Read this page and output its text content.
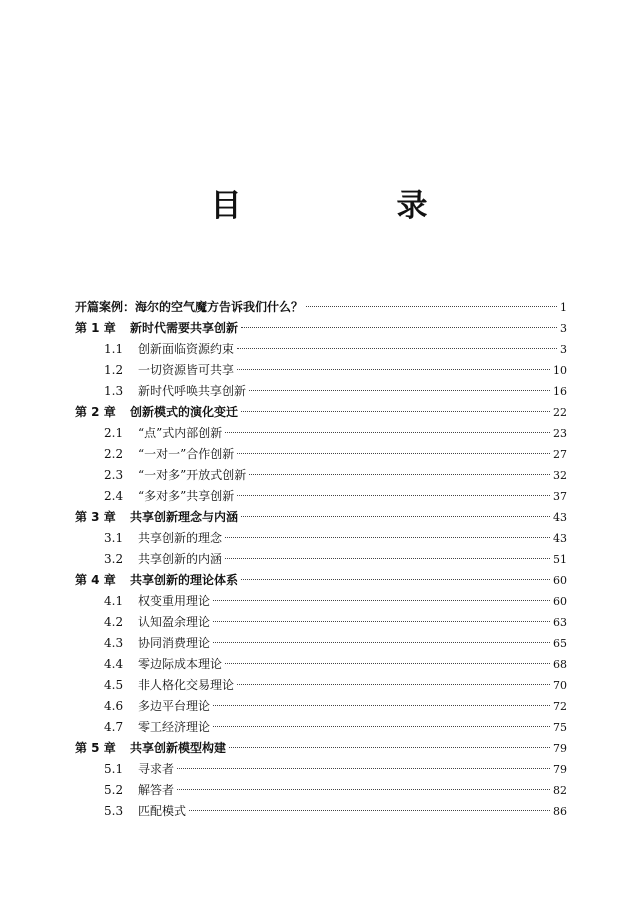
目　录
开篇案例：海尔的空气魔方告诉我们什么？	1
第 1 章	新时代需要共享创新	3
1.1	创新面临资源约束	3
1.2	一切资源皆可共享	10
1.3	新时代呼唤共享创新	16
第 2 章	创新模式的演化变迁	22
2.1	“点”式内部创新	23
2.2	“一对一”合作创新	27
2.3	“一对多”开放式创新	32
2.4	“多对多”共享创新	37
第 3 章	共享创新理念与内涵	43
3.1	共享创新的理念	43
3.2	共享创新的内涵	51
第 4 章	共享创新的理论体系	60
4.1	权变重用理论	60
4.2	认知盈余理论	63
4.3	协同消费理论	65
4.4	零边际成本理论	68
4.5	非人格化交易理论	70
4.6	多边平台理论	72
4.7	零工经济理论	75
第 5 章	共享创新模型构建	79
5.1	寻求者	79
5.2	解答者	82
5.3	匹配模式	86
